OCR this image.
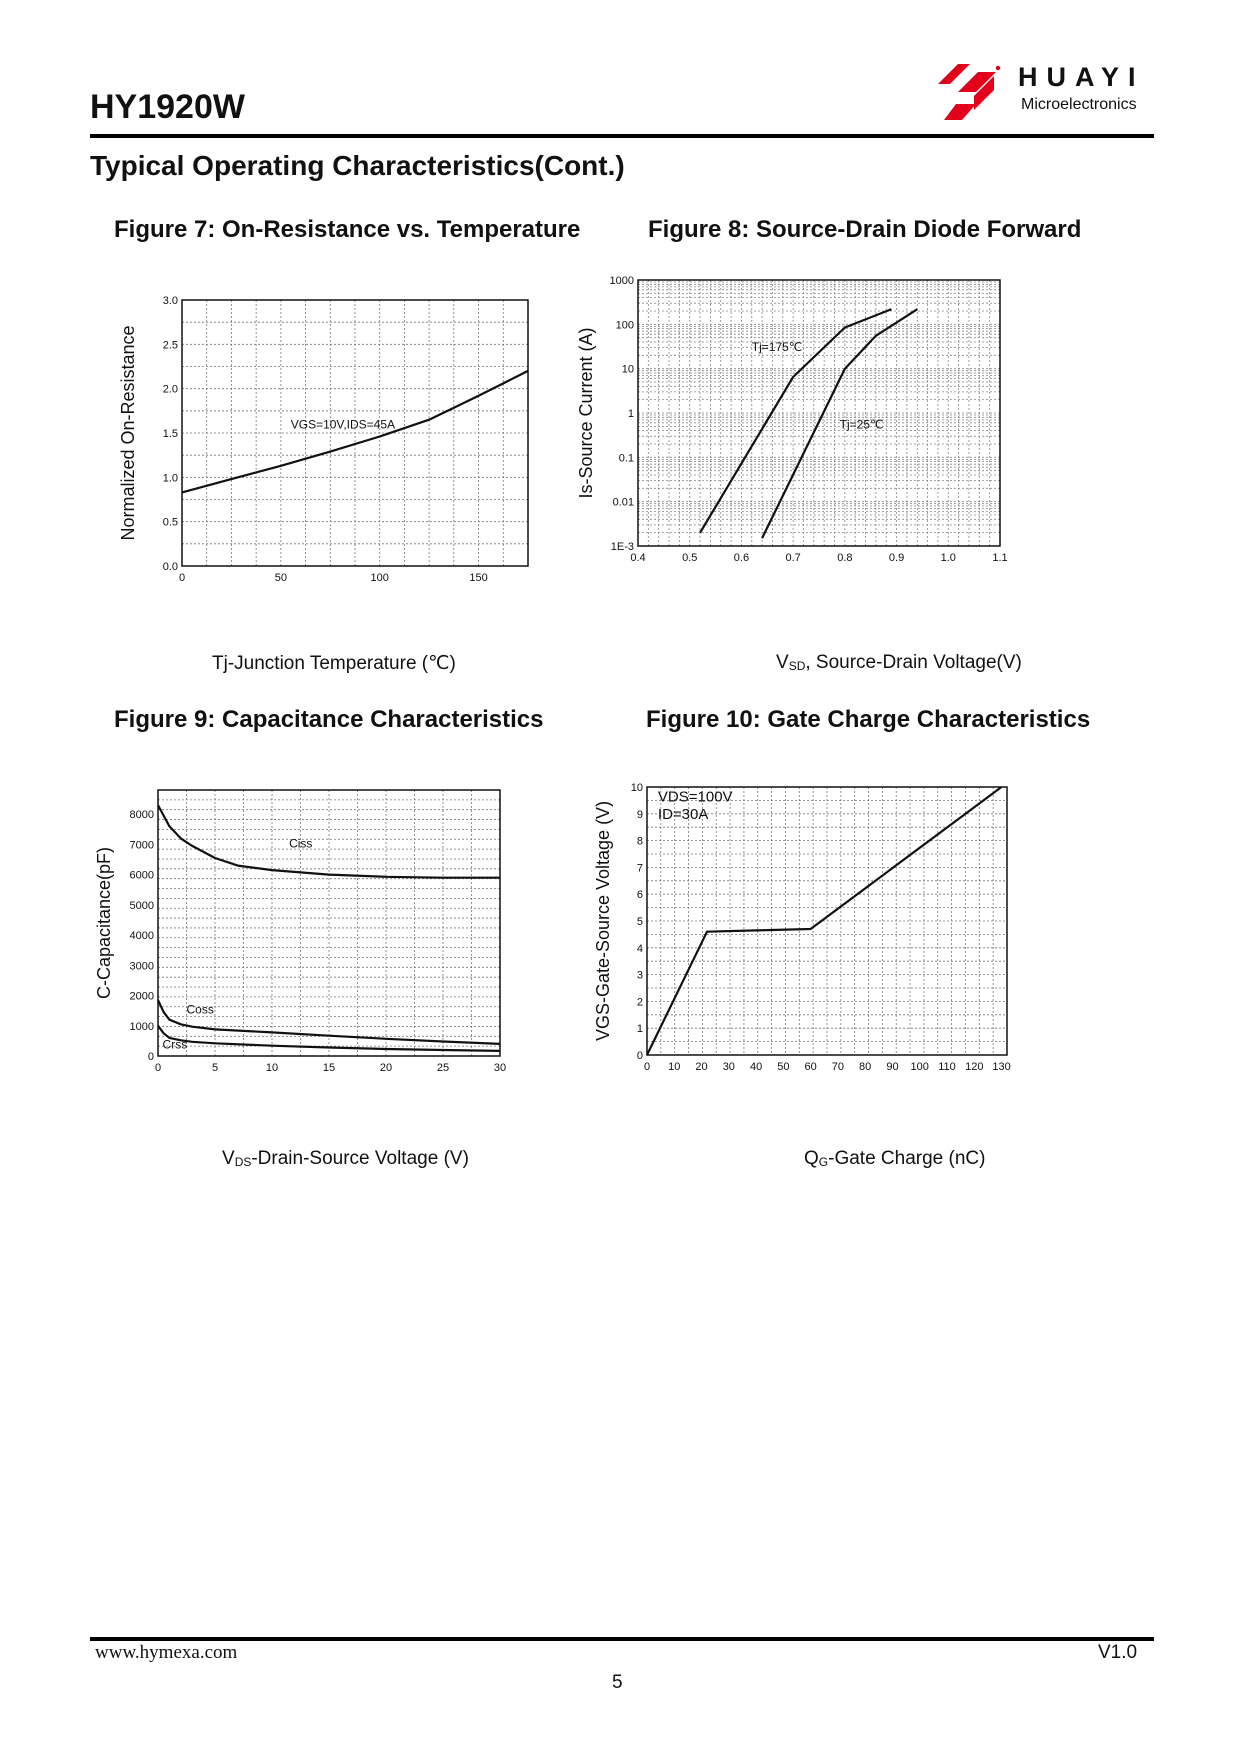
HY1920W
HUAYI
Microelectronics
Typical Operating Characteristics(Cont.)
Figure 7: On-Resistance vs. Temperature
0.0
0.5
1.0
1.5
2.0
2.5
3.0
0	50	100	150
Normalized On-Resistance	VGS=10V,IDS=45A
Tj-Junction Temperature (℃)
Figure 8: Source-Drain Diode Forward
1E-3
0.01
0.1
1
10
100
1000
0.4	0.5	0.6	0.7	0.8	0.9	1.0	1.1
Is-Source Current (A)	Tj=175℃
Tj=25℃
$V_{SD}$, Source-Drain Voltage(V)
Figure 9: Capacitance Characteristics
0
1000
2000
3000
4000
5000
6000
7000
8000
0	5	10	15	20	25	30
C-Capacitance(pF)
Ciss
Coss
Crss
$V_{DS}-Drain$-Source Voltage (V)
Figure 10: Gate Charge Characteristics
0
1
2
3
4
5
6
7
8
9
10
0 10 20 30 40 50 60 70 80 90 100 110 120 130
VGS-Gate-Source Voltage (V)
VDS=100V
ID=30A
$Q_G$-Gate Charge (nC)
www.hymexa.com	V1.0
5
